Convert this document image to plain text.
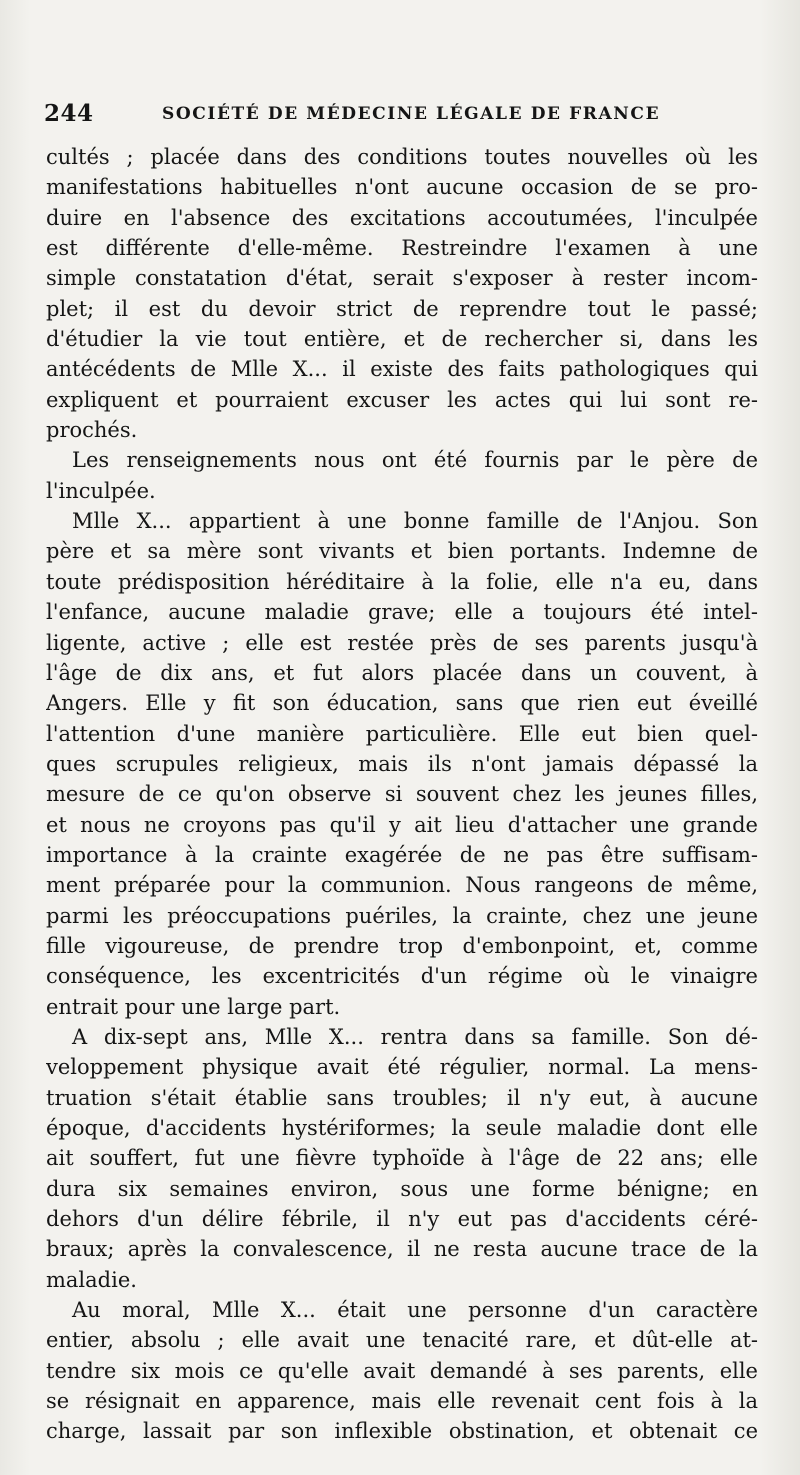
244	SOCIÉTÉ DE MÉDECINE LÉGALE DE FRANCE
cultés ; placée dans des conditions toutes nouvelles où les
manifestations habituelles n'ont aucune occasion de se pro-
duire en l'absence des excitations accoutumées, l'inculpée
est différente d'elle-même. Restreindre l'examen à une
simple constatation d'état, serait s'exposer à rester incom-
plet; il est du devoir strict de reprendre tout le passé;
d'étudier la vie tout entière, et de rechercher si, dans les
antécédents de Mlle X... il existe des faits pathologiques qui
expliquent et pourraient excuser les actes qui lui sont re-
prochés.
Les renseignements nous ont été fournis par le père de
l'inculpée.
Mlle X... appartient à une bonne famille de l'Anjou. Son
père et sa mère sont vivants et bien portants. Indemne de
toute prédisposition héréditaire à la folie, elle n'a eu, dans
l'enfance, aucune maladie grave; elle a toujours été intel-
ligente, active ; elle est restée près de ses parents jusqu'à
l'âge de dix ans, et fut alors placée dans un couvent, à
Angers. Elle y fit son éducation, sans que rien eut éveillé
l'attention d'une manière particulière. Elle eut bien quel-
ques scrupules religieux, mais ils n'ont jamais dépassé la
mesure de ce qu'on observe si souvent chez les jeunes filles,
et nous ne croyons pas qu'il y ait lieu d'attacher une grande
importance à la crainte exagérée de ne pas être suffisam-
ment préparée pour la communion. Nous rangeons de même,
parmi les préoccupations puériles, la crainte, chez une jeune
fille vigoureuse, de prendre trop d'embonpoint, et, comme
conséquence, les excentricités d'un régime où le vinaigre
entrait pour une large part.
A dix-sept ans, Mlle X... rentra dans sa famille. Son dé-
veloppement physique avait été régulier, normal. La mens-
truation s'était établie sans troubles; il n'y eut, à aucune
époque, d'accidents hystériformes; la seule maladie dont elle
ait souffert, fut une fièvre typhoïde à l'âge de 22 ans; elle
dura six semaines environ, sous une forme bénigne; en
dehors d'un délire fébrile, il n'y eut pas d'accidents céré-
braux; après la convalescence, il ne resta aucune trace de la
maladie.
Au moral, Mlle X... était une personne d'un caractère
entier, absolu ; elle avait une tenacité rare, et dût-elle at-
tendre six mois ce qu'elle avait demandé à ses parents, elle
se résignait en apparence, mais elle revenait cent fois à la
charge, lassait par son inflexible obstination, et obtenait ce
